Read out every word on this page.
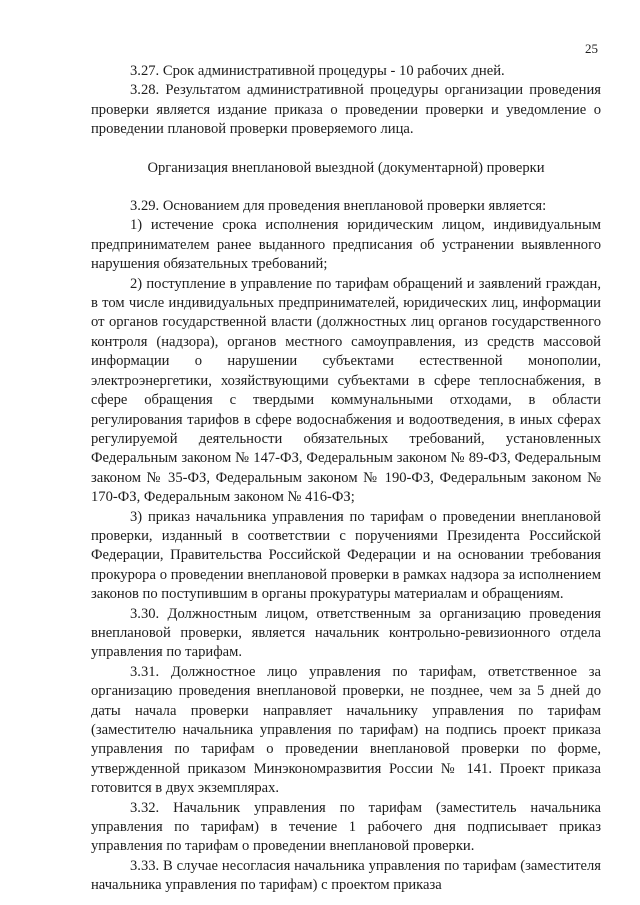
25

3.27. Срок административной процедуры - 10 рабочих дней.

3.28. Результатом административной процедуры организации проведения проверки является издание приказа о проведении проверки и уведомление о проведении плановой проверки проверяемого лица.

Организация внеплановой выездной (документарной) проверки

3.29. Основанием для проведения внеплановой проверки является:

1) истечение срока исполнения юридическим лицом, индивидуальным предпринимателем ранее выданного предписания об устранении выявленного нарушения обязательных требований;

2) поступление в управление по тарифам обращений и заявлений граждан, в том числе индивидуальных предпринимателей, юридических лиц, информации от органов государственной власти (должностных лиц органов государственного контроля (надзора), органов местного самоуправления, из средств массовой информации о нарушении субъектами естественной монополии, электроэнергетики, хозяйствующими субъектами в сфере теплоснабжения, в сфере обращения с твердыми коммунальными отходами, в области регулирования тарифов в сфере водоснабжения и водоотведения, в иных сферах регулируемой деятельности обязательных требований, установленных Федеральным законом № 147-ФЗ, Федеральным законом № 89-ФЗ, Федеральным законом № 35-ФЗ, Федеральным законом № 190-ФЗ, Федеральным законом № 170-ФЗ, Федеральным законом № 416-ФЗ;

3) приказ начальника управления по тарифам о проведении внеплановой проверки, изданный в соответствии с поручениями Президента Российской Федерации, Правительства Российской Федерации и на основании требования прокурора о проведении внеплановой проверки в рамках надзора за исполнением законов по поступившим в органы прокуратуры материалам и обращениям.

3.30. Должностным лицом, ответственным за организацию проведения внеплановой проверки, является начальник контрольно-ревизионного отдела управления по тарифам.

3.31. Должностное лицо управления по тарифам, ответственное за организацию проведения внеплановой проверки, не позднее, чем за 5 дней до даты начала проверки направляет начальнику управления по тарифам (заместителю начальника управления по тарифам) на подпись проект приказа управления по тарифам о проведении внеплановой проверки по форме, утвержденной приказом Минэкономразвития России № 141. Проект приказа готовится в двух экземплярах.

3.32. Начальник управления по тарифам (заместитель начальника управления по тарифам) в течение 1 рабочего дня подписывает приказ управления по тарифам о проведении внеплановой проверки.

3.33. В случае несогласия начальника управления по тарифам (заместителя начальника управления по тарифам) с проектом приказа
